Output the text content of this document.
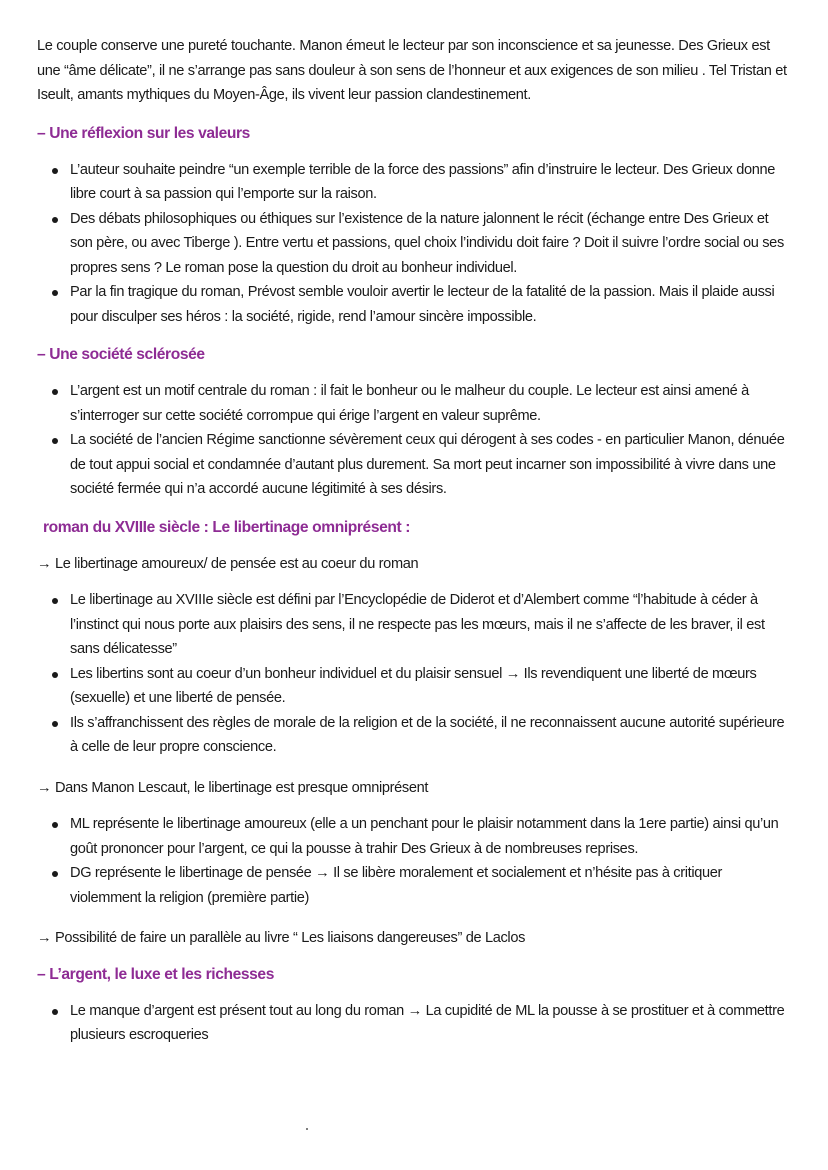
Le couple conserve une pureté touchante. Manon émeut le lecteur par son inconscience et sa jeunesse. Des Grieux est une “âme délicate”, il ne s’arrange pas sans douleur à son sens de l’honneur et aux exigences de son milieu . Tel Tristan et Iseult, amants mythiques du Moyen-Âge, ils vivent leur passion clandestinement.

– Une réflexion sur les valeurs
L’auteur souhaite peindre “un exemple terrible de la force des passions” afin d’instruire le lecteur. Des Grieux donne libre court à sa passion qui l’emporte sur la raison.
Des débats philosophiques ou éthiques sur l’existence de la nature jalonnent le récit (échange entre Des Grieux et son père, ou avec Tiberge ). Entre vertu et passions, quel choix l’individu doit faire ? Doit il suivre l’ordre social ou ses propres sens ? Le roman pose la question du droit au bonheur individuel.
Par la fin tragique du roman, Prévost semble vouloir avertir le lecteur de la fatalité de la passion. Mais il plaide aussi pour disculper ses héros : la société, rigide, rend l’amour sincère impossible.
– Une société sclérosée
L’argent est un motif centrale du roman : il fait le bonheur ou le malheur du couple. Le lecteur est ainsi amené à s’interroger sur cette société corrompue qui érige l’argent en valeur suprême.
La société de l’ancien Régime sanctionne sévèrement ceux qui dérogent à ses codes - en particulier Manon, dénuée de tout appui social et condamnée d’autant plus durement. Sa mort peut incarner son impossibilité à vivre dans une société fermée qui n’a accordé aucune légitimité à ses désirs.
roman du XVIIIe siècle : Le libertinage omniprésent :

→ Le libertinage amoureux/ de pensée est au coeur du roman

Le libertinage au XVIIIe siècle est défini par l’Encyclopédie de Diderot et d’Alembert comme “l’habitude à céder à l’instinct qui nous porte aux plaisirs des sens, il ne respecte pas les mœurs, mais il ne s’affecte de les braver, il est sans délicatesse”
Les libertins sont au coeur d’un bonheur individuel et du plaisir sensuel → Ils revendiquent une liberté de mœurs (sexuelle) et une liberté de pensée.
Ils s’affranchissent des règles de morale de la religion et de la société, il ne reconnaissent aucune autorité supérieure à celle de leur propre conscience.

→ Dans Manon Lescaut, le libertinage est presque omniprésent

ML représente le libertinage amoureux (elle a un penchant pour le plaisir notamment dans la 1ere partie) ainsi qu’un goût prononcer pour l’argent, ce qui la pousse à trahir Des Grieux à de nombreuses reprises.
DG représente le libertinage de pensée → Il se libère moralement et socialement et n’hésite pas à critiquer violemment la religion (première partie)

→ Possibilité de faire un parallèle au livre “ Les liaisons dangereuses” de Laclos

– L’argent, le luxe et les richesses
Le manque d’argent est présent tout au long du roman → La cupidité de ML la pousse à se prostituer et à commettre plusieurs escroqueries
